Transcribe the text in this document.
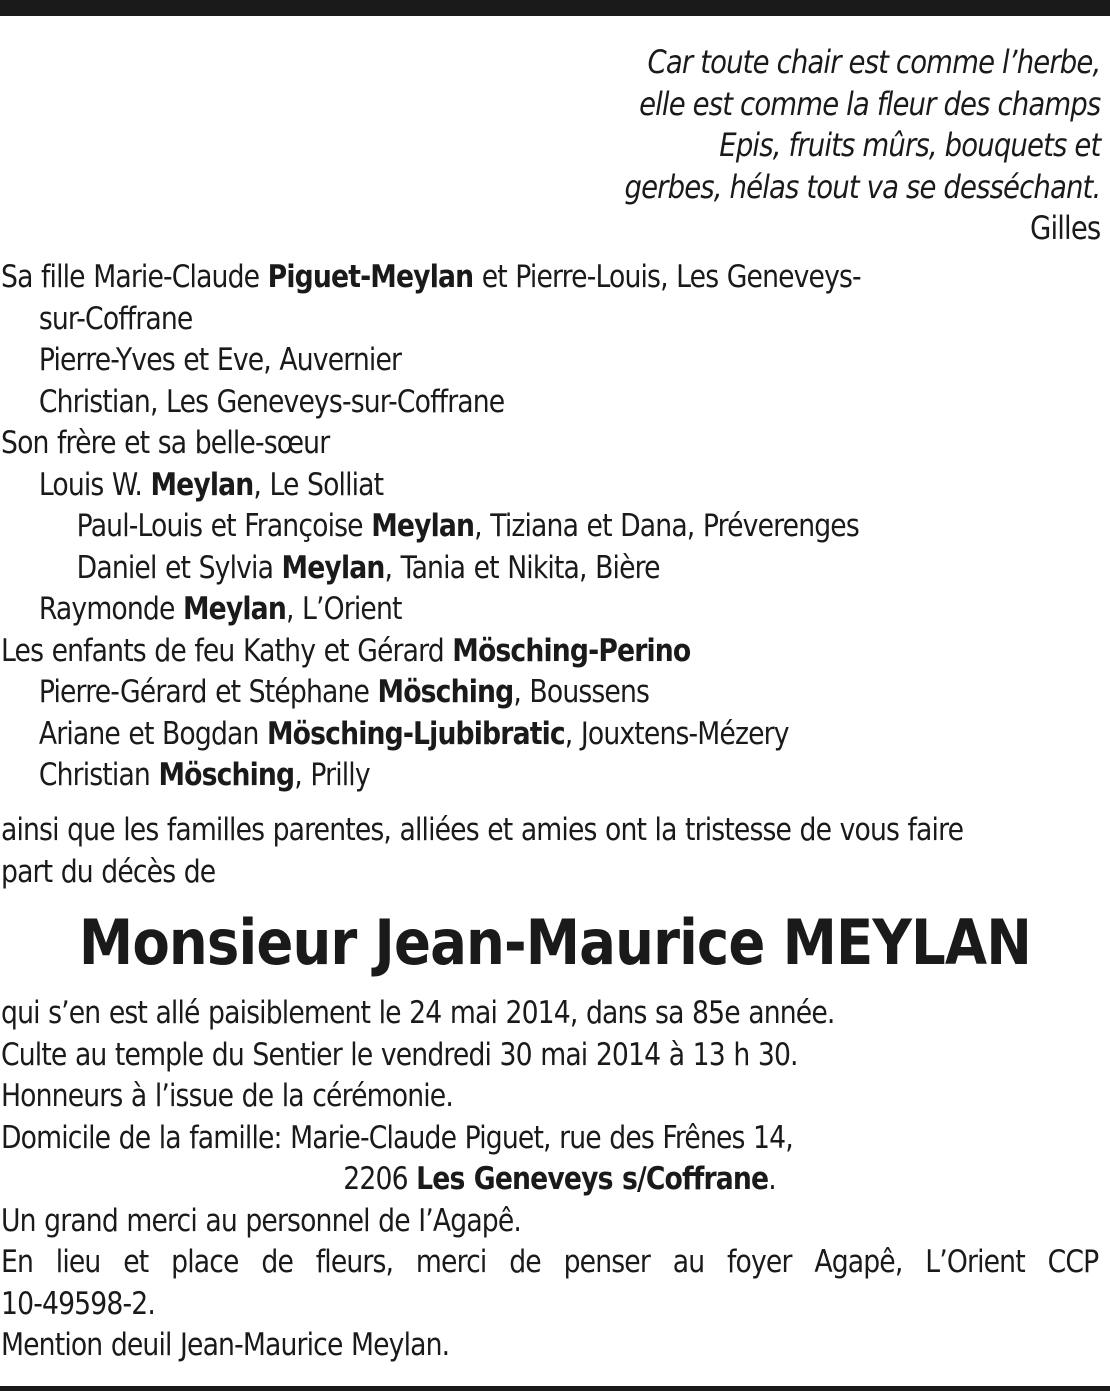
Car toute chair est comme l’herbe,
elle est comme la fleur des champs
Epis, fruits mûrs, bouquets et
gerbes, hélas tout va se desséchant.
Gilles
Sa fille Marie-Claude Piguet-Meylan et Pierre-Louis, Les Geneveys-
sur-Coffrane
Pierre-Yves et Eve, Auvernier
Christian, Les Geneveys-sur-Coffrane
Son frère et sa belle-sœur
Louis W. Meylan, Le Solliat
Paul-Louis et Françoise Meylan, Tiziana et Dana, Préverenges
Daniel et Sylvia Meylan, Tania et Nikita, Bière
Raymonde Meylan, L’Orient
Les enfants de feu Kathy et Gérard Mösching-Perino
Pierre-Gérard et Stéphane Mösching, Boussens
Ariane et Bogdan Mösching-Ljubibratic, Jouxtens-Mézery
Christian Mösching, Prilly
ainsi que les familles parentes, alliées et amies ont la tristesse de vous faire
part du décès de
Monsieur Jean-Maurice MEYLAN
qui s’en est allé paisiblement le 24 mai 2014, dans sa 85e année.
Culte au temple du Sentier le vendredi 30 mai 2014 à 13 h 30.
Honneurs à l’issue de la cérémonie.
Domicile de la famille: Marie-Claude Piguet, rue des Frênes 14,
2206 Les Geneveys s/Coffrane.
Un grand merci au personnel de I’Agapê.
En lieu et place de fleurs, merci de penser au foyer Agapê, L’Orient CCP
10-49598-2.
Mention deuil Jean-Maurice Meylan.
